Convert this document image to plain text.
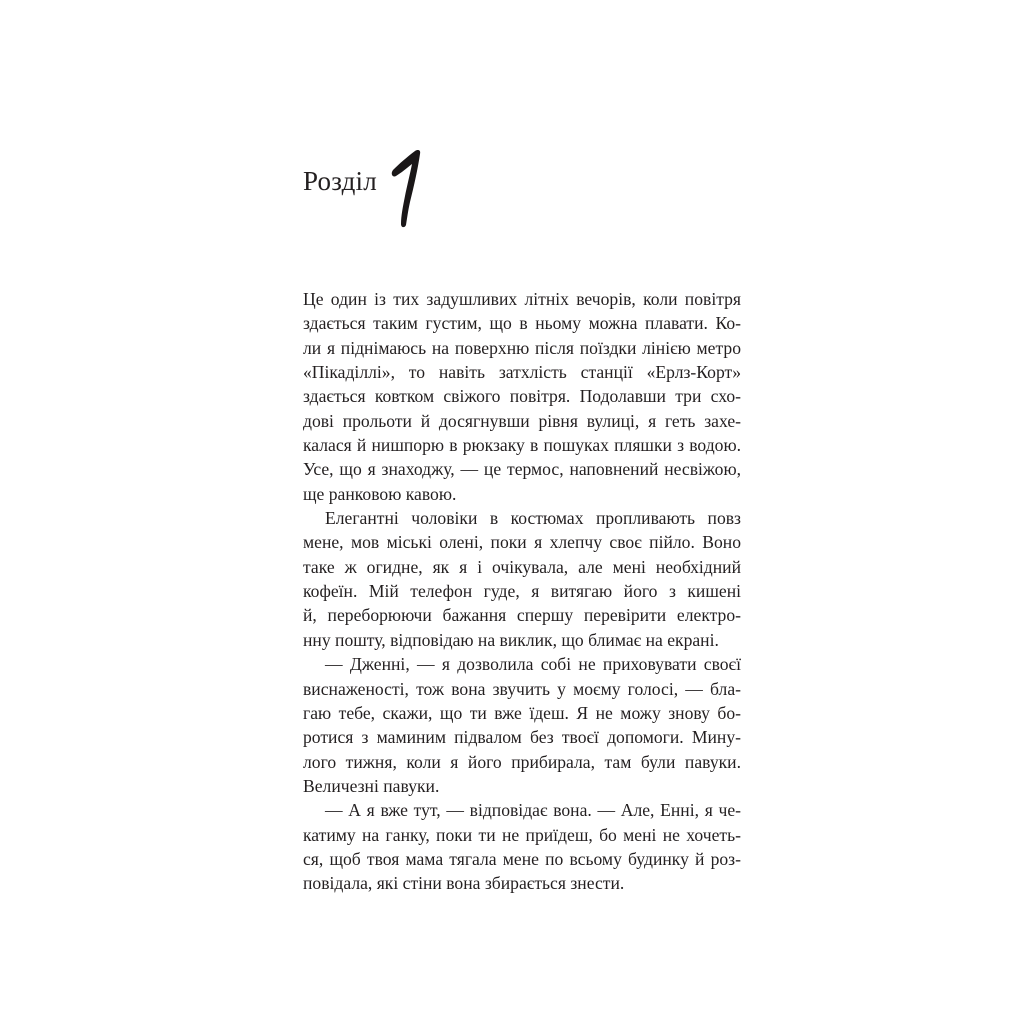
Розділ
Це один із тих задушливих літніх вечорів, коли повітря
здається таким густим, що в ньому можна плавати. Ко-
ли я піднімаюсь на поверхню після поїздки лінією метро
«Пікаділлі», то навіть затхлість станції «Ерлз-Корт»
здається ковтком свіжого повітря. Подолавши три схо-
дові прольоти й досягнувши рівня вулиці, я геть захе-
калася й нишпорю в рюкзаку в пошуках пляшки з водою.
Усе, що я знаходжу, — це термос, наповнений несвіжою,
ще ранковою кавою.
Елегантні чоловіки в костюмах пропливають повз
мене, мов міські олені, поки я хлепчу своє пійло. Воно
таке ж огидне, як я і очікувала, але мені необхідний
кофеїн. Мій телефон гуде, я витягаю його з кишені
й, переборюючи бажання спершу перевірити електро-
нну пошту, відповідаю на виклик, що блимає на екрані.
— Дженні, — я дозволила собі не приховувати своєї
виснаженості, тож вона звучить у моєму голосі, — бла-
гаю тебе, скажи, що ти вже їдеш. Я не можу знову бо-
ротися з маминим підвалом без твоєї допомоги. Мину-
лого тижня, коли я його прибирала, там були павуки.
Величезні павуки.
— А я вже тут, — відповідає вона. — Але, Енні, я че-
катиму на ганку, поки ти не приїдеш, бо мені не хочеть-
ся, щоб твоя мама тягала мене по всьому будинку й роз-
повідала, які стіни вона збирається знести.
